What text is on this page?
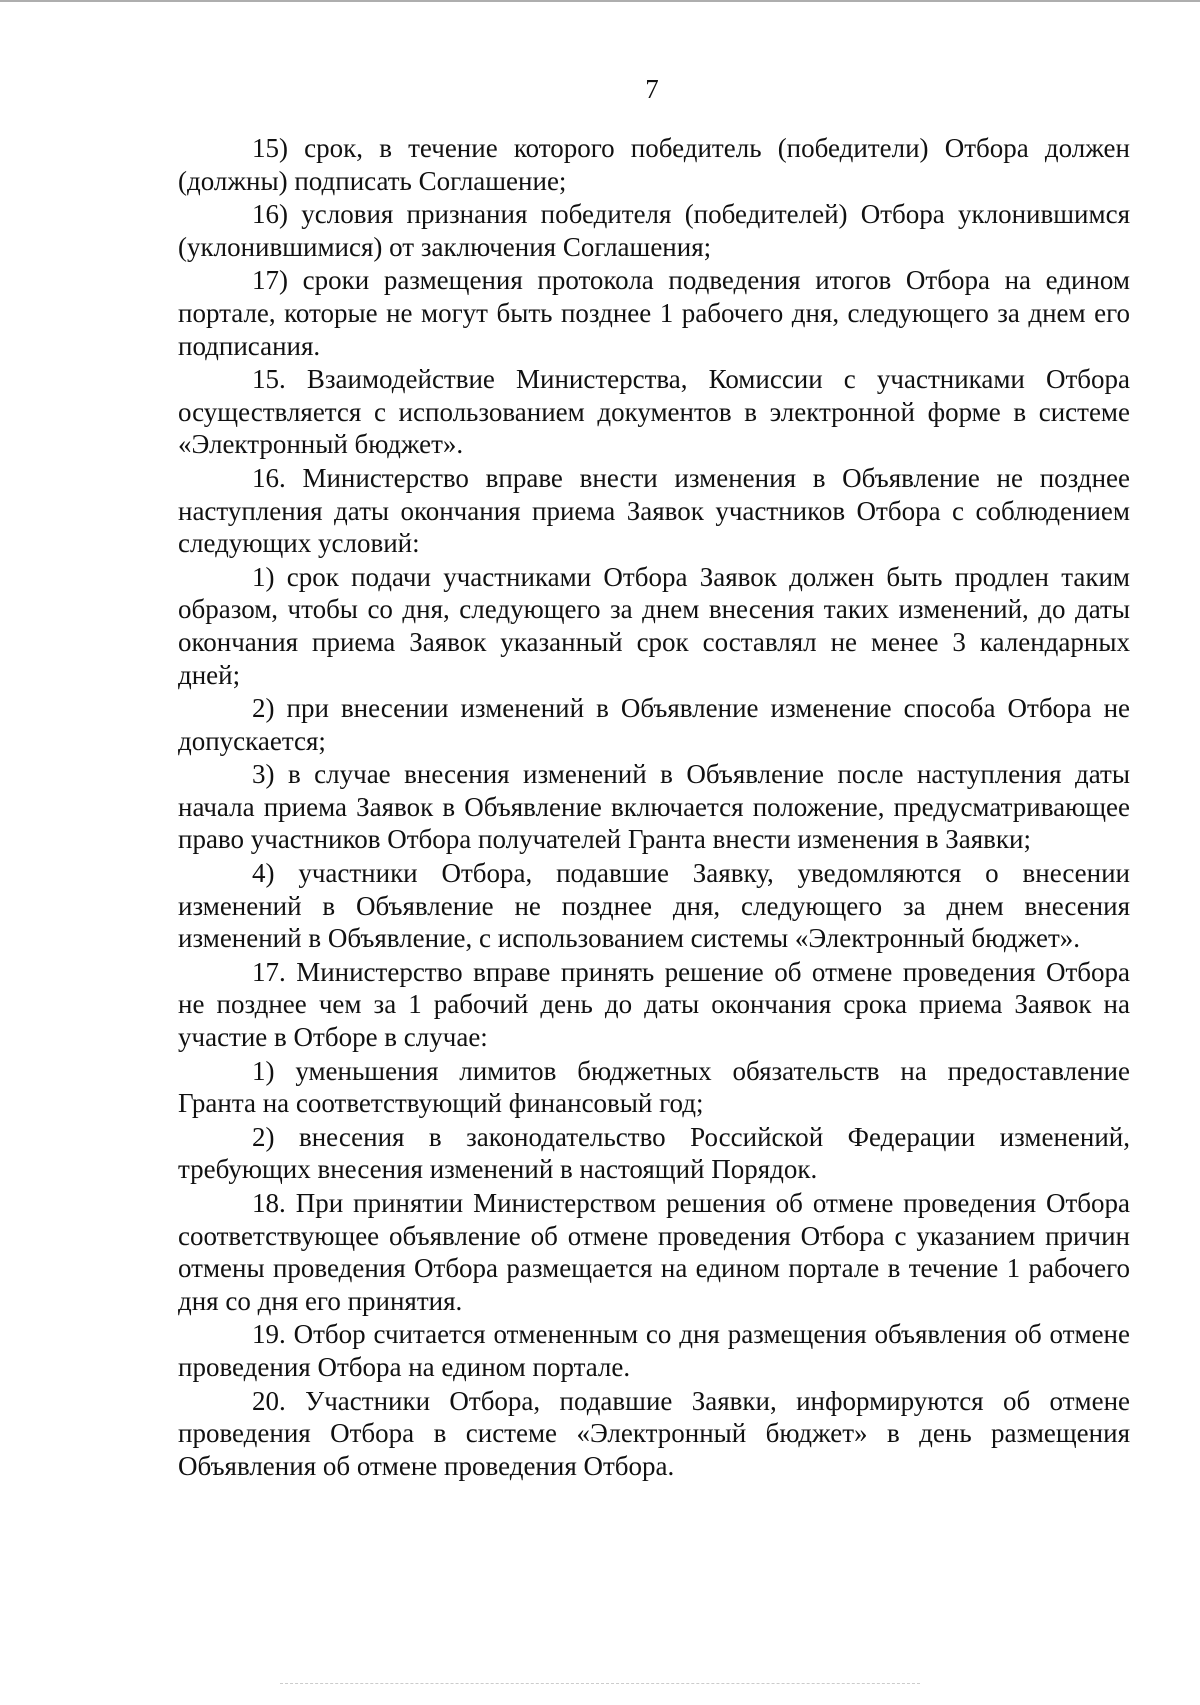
7

15) срок, в течение которого победитель (победители) Отбора должен (должны) подписать Соглашение;

16) условия признания победителя (победителей) Отбора уклонившимся (уклонившимися) от заключения Соглашения;

17) сроки размещения протокола подведения итогов Отбора на едином портале, которые не могут быть позднее 1 рабочего дня, следующего за днем его подписания.

15. Взаимодействие Министерства, Комиссии с участниками Отбора осуществляется с использованием документов в электронной форме в системе «Электронный бюджет».

16. Министерство вправе внести изменения в Объявление не позднее наступления даты окончания приема Заявок участников Отбора с соблюдением следующих условий:

1) срок подачи участниками Отбора Заявок должен быть продлен таким образом, чтобы со дня, следующего за днем внесения таких изменений, до даты окончания приема Заявок указанный срок составлял не менее 3 календарных дней;

2) при внесении изменений в Объявление изменение способа Отбора не допускается;

3) в случае внесения изменений в Объявление после наступления даты начала приема Заявок в Объявление включается положение, предусматривающее право участников Отбора получателей Гранта внести изменения в Заявки;

4) участники Отбора, подавшие Заявку, уведомляются о внесении изменений в Объявление не позднее дня, следующего за днем внесения изменений в Объявление, с использованием системы «Электронный бюджет».

17. Министерство вправе принять решение об отмене проведения Отбора не позднее чем за 1 рабочий день до даты окончания срока приема Заявок на участие в Отборе в случае:

1) уменьшения лимитов бюджетных обязательств на предоставление Гранта на соответствующий финансовый год;

2) внесения в законодательство Российской Федерации изменений, требующих внесения изменений в настоящий Порядок.

18. При принятии Министерством решения об отмене проведения Отбора соответствующее объявление об отмене проведения Отбора с указанием причин отмены проведения Отбора размещается на едином портале в течение 1 рабочего дня со дня его принятия.

19. Отбор считается отмененным со дня размещения объявления об отмене проведения Отбора на едином портале.

20. Участники Отбора, подавшие Заявки, информируются об отмене проведения Отбора в системе «Электронный бюджет» в день размещения Объявления об отмене проведения Отбора.
